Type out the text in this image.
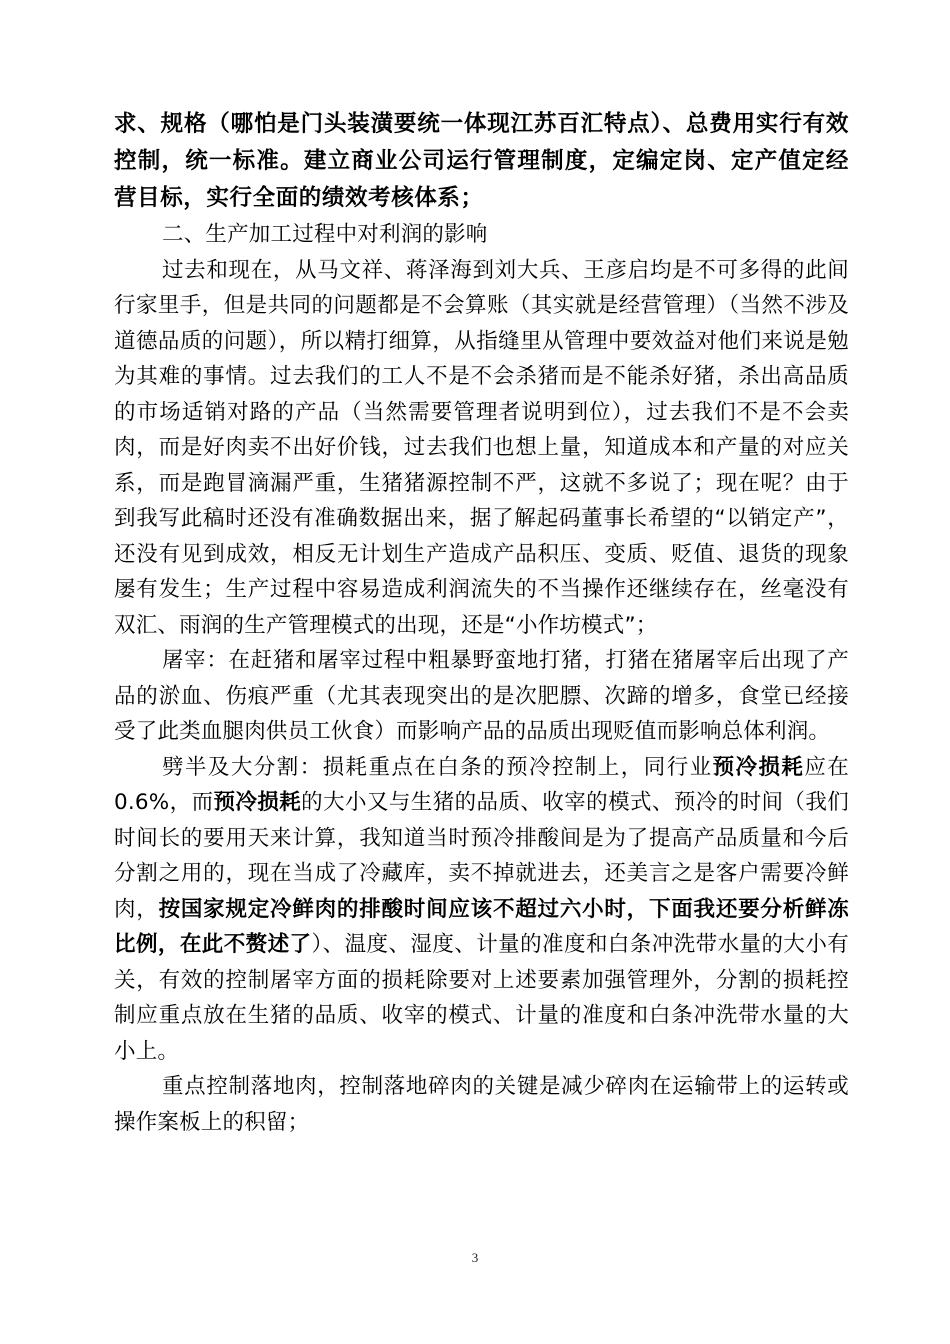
求、规格（哪怕是门头装潢要统一体现江苏百汇特点）、总费用实行有效控制，统一标准。建立商业公司运行管理制度，定编定岗、定产值定经营目标，实行全面的绩效考核体系；

二、生产加工过程中对利润的影响

过去和现在，从马文祥、蒋泽海到刘大兵、王彦启均是不可多得的此间行家里手，但是共同的问题都是不会算账（其实就是经营管理）（当然不涉及道德品质的问题），所以精打细算，从指缝里从管理中要效益对他们来说是勉为其难的事情。过去我们的工人不是不会杀猪而是不能杀好猪，杀出高品质的市场适销对路的产品（当然需要管理者说明到位），过去我们不是不会卖肉，而是好肉卖不出好价钱，过去我们也想上量，知道成本和产量的对应关系，而是跑冒滴漏严重，生猪猪源控制不严，这就不多说了；现在呢？由于到我写此稿时还没有准确数据出来，据了解起码董事长希望的“以销定产”，还没有见到成效，相反无计划生产造成产品积压、变质、贬值、退货的现象屡有发生；生产过程中容易造成利润流失的不当操作还继续存在，丝毫没有双汇、雨润的生产管理模式的出现，还是“小作坊模式”；

屠宰：在赶猪和屠宰过程中粗暴野蛮地打猪，打猪在猪屠宰后出现了产品的淤血、伤痕严重（尤其表现突出的是次肥膘、次蹄的增多，食堂已经接受了此类血腿肉供员工伙食）而影响产品的品质出现贬值而影响总体利润。

劈半及大分割：损耗重点在白条的预冷控制上，同行业预冷损耗应在0.6%，而预冷损耗的大小又与生猪的品质、收宰的模式、预冷的时间（我们时间长的要用天来计算，我知道当时预冷排酸间是为了提高产品质量和今后分割之用的，现在当成了冷藏库，卖不掉就进去，还美言之是客户需要冷鲜肉，按国家规定冷鲜肉的排酸时间应该不超过六小时，下面我还要分析鲜冻比例，在此不赘述了）、温度、湿度、计量的准度和白条冲洗带水量的大小有关，有效的控制屠宰方面的损耗除要对上述要素加强管理外，分割的损耗控制应重点放在生猪的品质、收宰的模式、计量的准度和白条冲洗带水量的大小上。

重点控制落地肉，控制落地碎肉的关键是减少碎肉在运输带上的运转或操作案板上的积留；

3
